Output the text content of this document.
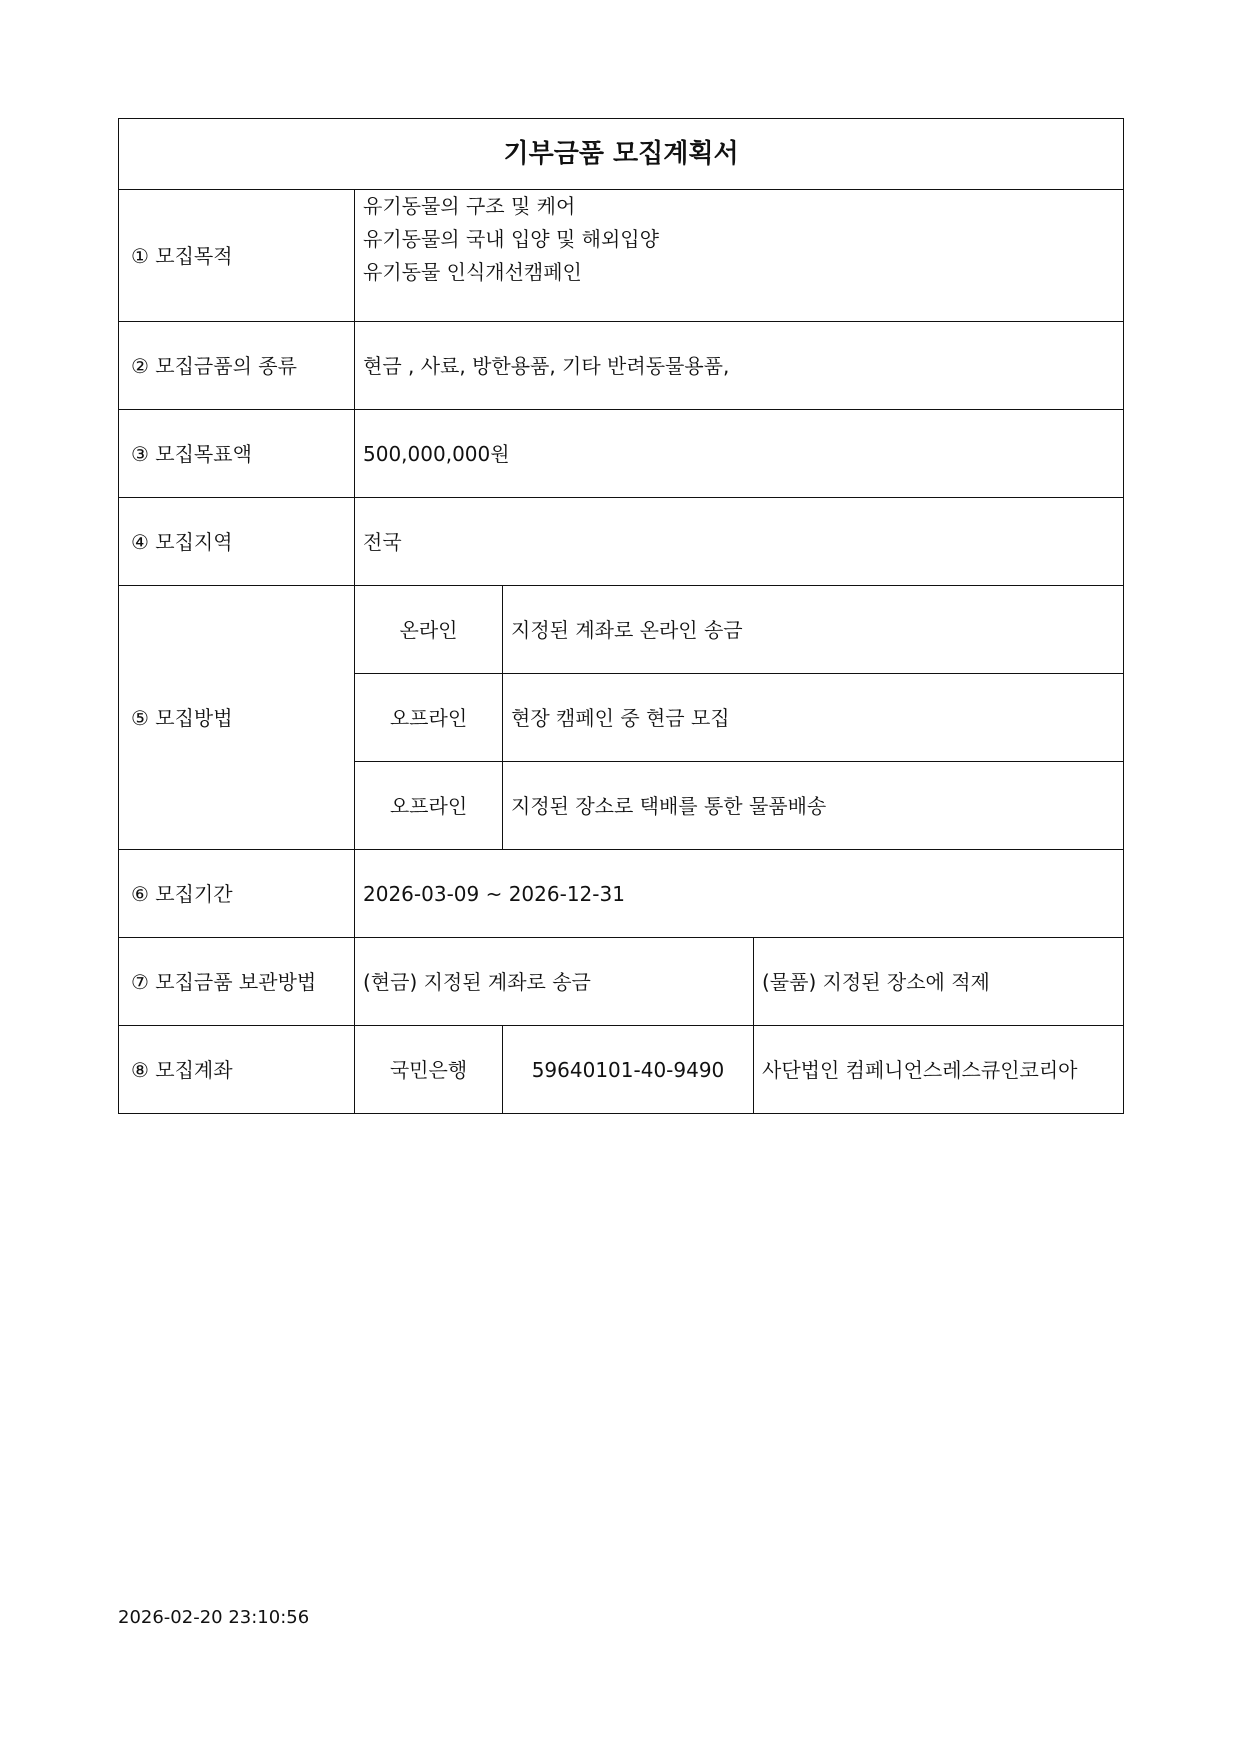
기부금품 모집계획서			
① 모집목적	유기동물의 구조 및 케어
유기동물의 국내 입양 및 해외입양
유기동물 인식개선캠페인		

② 모집금품의 종류	현금 , 사료, 방한용품, 기타 반려동물용품,		
③ 모집목표액	500,000,000원		
④ 모집지역	전국		
⑤ 모집방법	온라인	지정된 계좌로 온라인 송금	
	오프라인	현장 캠페인 중 현금 모집	
	오프라인	지정된 장소로 택배를 통한 물품배송	
⑥ 모집기간	2026-03-09 ~ 2026-12-31		
⑦ 모집금품 보관방법	(현금) 지정된 계좌로 송금		(물품) 지정된 장소에 적제
⑧ 모집계좌	국민은행	59640101-40-9490	사단법인 컴페니언스레스큐인코리아
2026-02-20 23:10:56
